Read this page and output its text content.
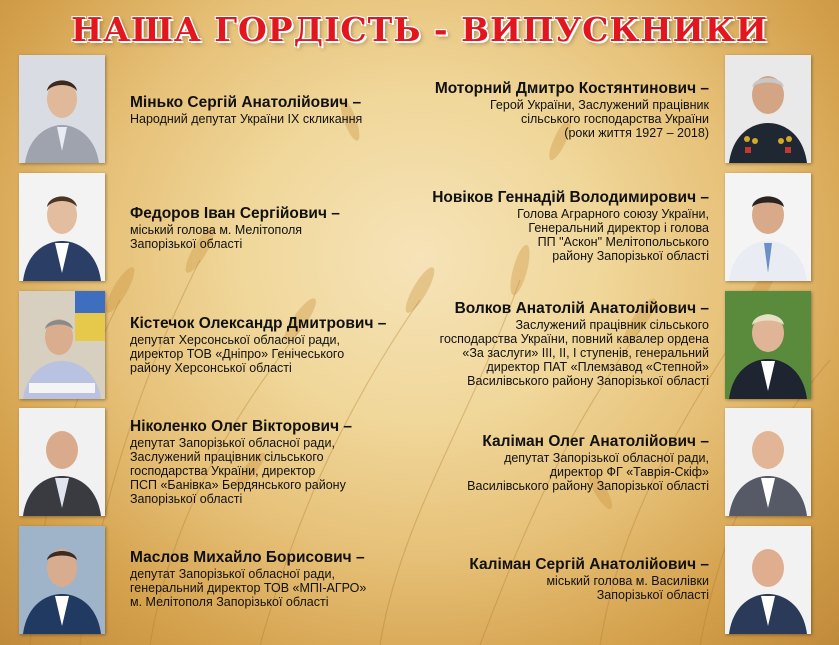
НАША ГОРДІСТЬ - ВИПУСКНИКИ
Мінько Сергій Анатолійович –
Народний депутат України IX скликання
Федоров Іван Сергійович –
міський голова м. Мелітополя
Запорізької області
Кістечок Олександр Дмитрович –
депутат Херсонської обласної ради,
директор ТОВ «Дніпро» Генічеського
району Херсонської області
Ніколенко Олег Вікторович –
депутат Запорізької обласної ради,
Заслужений працівник сільського
господарства України, директор
ПСП «Банівка» Бердянського району
Запорізької області
Маслов Михайло Борисович –
депутат Запорізької обласної ради,
генеральний директор ТОВ «МПІ-АГРО»
м. Мелітополя Запорізької області
Моторний Дмитро Костянтинович –
Герой України, Заслужений працівник
сільського господарства України
(роки життя 1927 – 2018)
Новіков Геннадій Володимирович –
Голова Аграрного союзу України,
Генеральний директор і голова
ПП "Аскон" Мелітопольського
району Запорізької області
Волков Анатолій Анатолійович –
Заслужений працівник сільського
господарства України, повний кавалер ордена
«За заслуги» III, II, I ступенів, генеральний
директор ПАТ «Племзавод «Степной»
Василівського району Запорізької області
Каліман Олег Анатолійович –
депутат Запорізької обласної ради,
директор ФГ «Таврія-Скіф»
Василівського району Запорізької області
Каліман Сергій Анатолійович –
міський голова м. Василівки
Запорізької області
